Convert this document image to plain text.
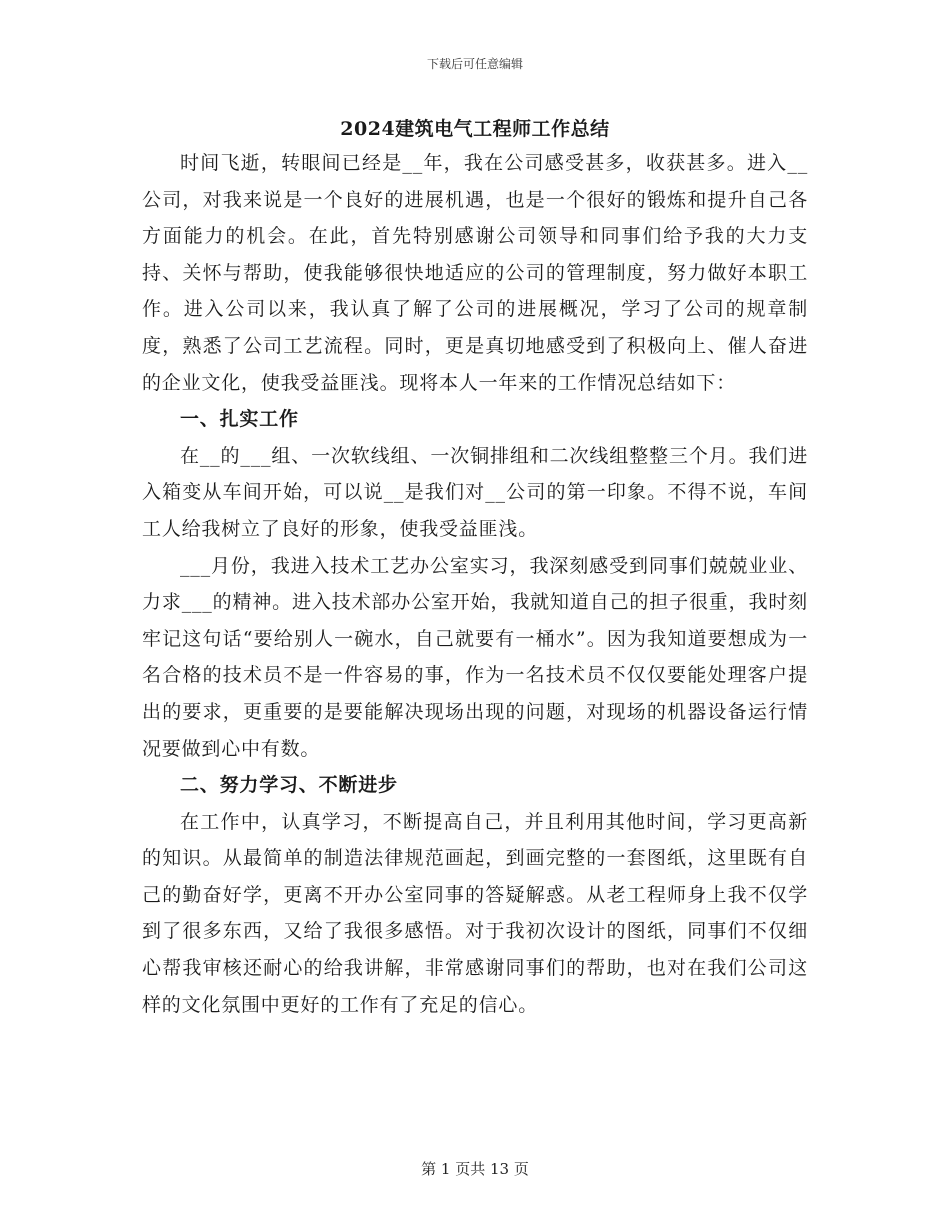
下载后可任意编辑

2024建筑电气工程师工作总结

时间飞逝，转眼间已经是__年，我在公司感受甚多，收获甚多。进入__公司，对我来说是一个良好的进展机遇，也是一个很好的锻炼和提升自己各方面能力的机会。在此，首先特别感谢公司领导和同事们给予我的大力支持、关怀与帮助，使我能够很快地适应的公司的管理制度，努力做好本职工作。进入公司以来，我认真了解了公司的进展概况，学习了公司的规章制度，熟悉了公司工艺流程。同时，更是真切地感受到了积极向上、催人奋进的企业文化，使我受益匪浅。现将本人一年来的工作情况总结如下：

一、扎实工作

在__的___组、一次软线组、一次铜排组和二次线组整整三个月。我们进入箱变从车间开始，可以说__是我们对__公司的第一印象。不得不说，车间工人给我树立了良好的形象，使我受益匪浅。

___月份，我进入技术工艺办公室实习，我深刻感受到同事们兢兢业业、力求___的精神。进入技术部办公室开始，我就知道自己的担子很重，我时刻牢记这句话“要给别人一碗水，自己就要有一桶水”。因为我知道要想成为一名合格的技术员不是一件容易的事，作为一名技术员不仅仅要能处理客户提出的要求，更重要的是要能解决现场出现的问题，对现场的机器设备运行情况要做到心中有数。

二、努力学习、不断进步

在工作中，认真学习，不断提高自己，并且利用其他时间，学习更高新的知识。从最简单的制造法律规范画起，到画完整的一套图纸，这里既有自己的勤奋好学，更离不开办公室同事的答疑解惑。从老工程师身上我不仅学到了很多东西，又给了我很多感悟。对于我初次设计的图纸，同事们不仅细心帮我审核还耐心的给我讲解，非常感谢同事们的帮助，也对在我们公司这样的文化氛围中更好的工作有了充足的信心。

第 1 页共 13 页
